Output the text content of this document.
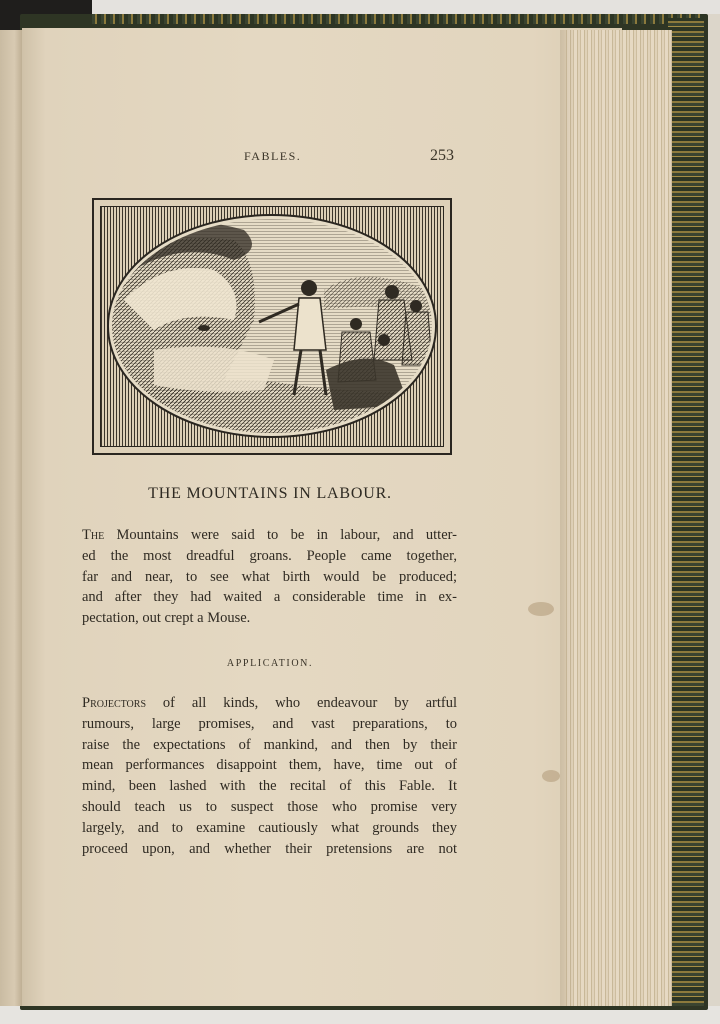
FABLES.	253
THE MOUNTAINS IN LABOUR.
The Mountains were said to be in labour, and utter-
ed the most dreadful groans. People came together,
far and near, to see what birth would be produced;
and after they had waited a considerable time in ex-
pectation, out crept a Mouse.
APPLICATION.
Projectors of all kinds, who endeavour by artful
rumours, large promises, and vast preparations, to
raise the expectations of mankind, and then by their
mean performances disappoint them, have, time out of
mind, been lashed with the recital of this Fable. It
should teach us to suspect those who promise very
largely, and to examine cautiously what grounds they
proceed upon, and whether their pretensions are not
